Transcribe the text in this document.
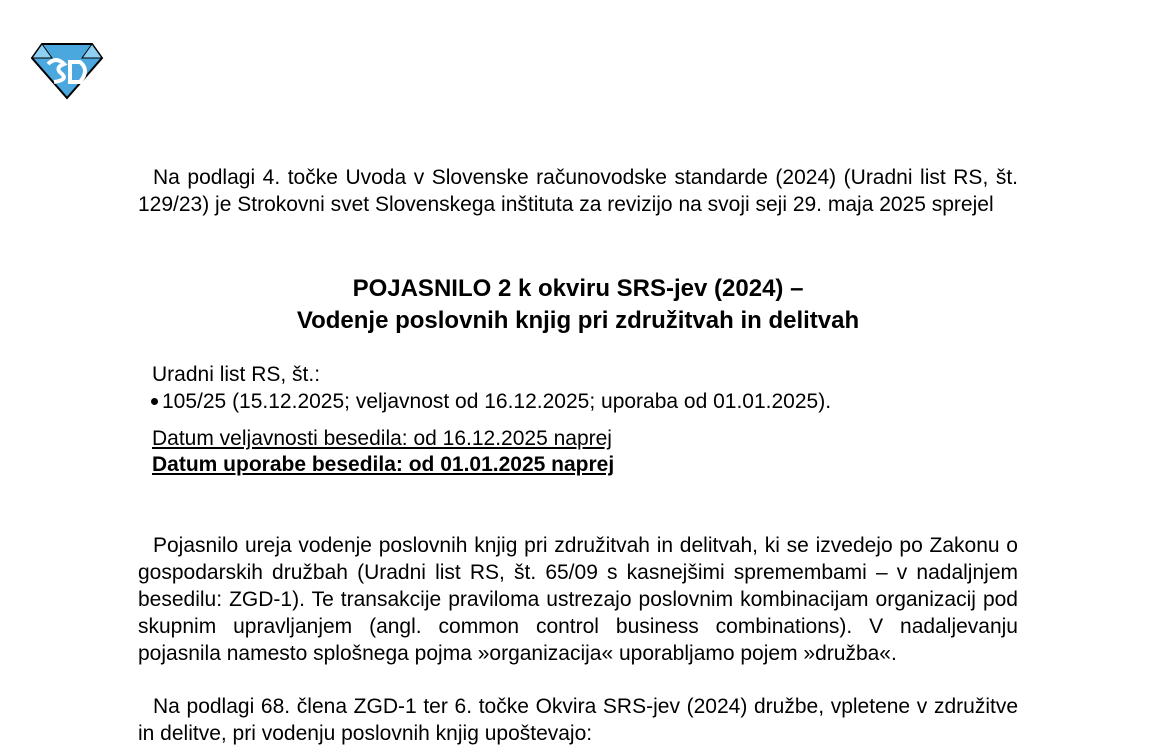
Na podlagi 4. točke Uvoda v Slovenske računovodske standarde (2024) (Uradni list RS, št. 129/23) je Strokovni svet Slovenskega inštituta za revizijo na svoji seji 29. maja 2025 sprejel
POJASNILO 2 k okviru SRS-jev (2024) –
Vodenje poslovnih knjig pri združitvah in delitvah
Uradni list RS, št.:
105/25 (15.12.2025; veljavnost od 16.12.2025; uporaba od 01.01.2025).
Datum veljavnosti besedila: od 16.12.2025 naprej
Datum uporabe besedila: od 01.01.2025 naprej
Pojasnilo ureja vodenje poslovnih knjig pri združitvah in delitvah, ki se izvedejo po Zakonu o gospodarskih družbah (Uradni list RS, št. 65/09 s kasnejšimi spremembami – v nadaljnjem besedilu: ZGD-1). Te transakcije praviloma ustrezajo poslovnim kombinacijam organizacij pod skupnim upravljanjem (angl. common control business combinations). V nadaljevanju pojasnila namesto splošnega pojma »organizacija« uporabljamo pojem »družba«.
Na podlagi 68. člena ZGD-1 ter 6. točke Okvira SRS-jev (2024) družbe, vpletene v združitve in delitve, pri vodenju poslovnih knjig upoštevajo:
